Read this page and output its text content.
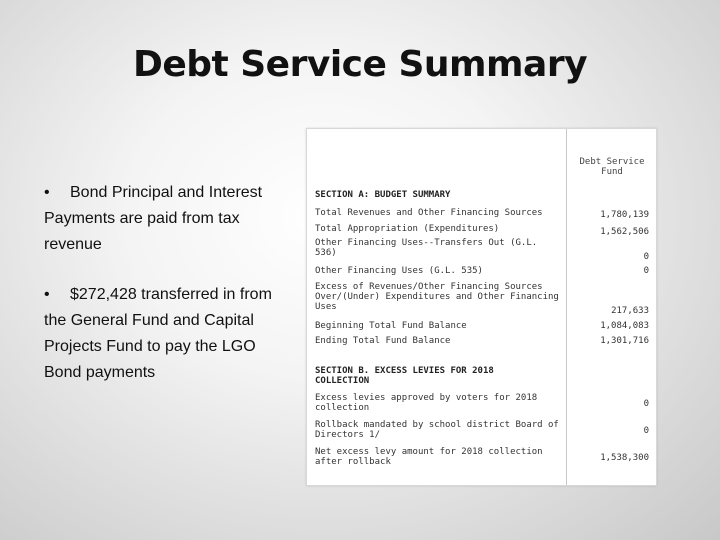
Debt Service Summary
• Bond Principal and Interest Payments are paid from tax revenue
• $272,428 transferred in from the General Fund and Capital Projects Fund to pay the LGO Bond payments
Debt Service
Fund
SECTION A: BUDGET SUMMARY
Total Revenues and Other Financing Sources	1,780,139
Total Appropriation (Expenditures)	1,562,506
Other Financing Uses--Transfers Out (G.L. 536)	0
Other Financing Uses (G.L. 535)	0
Excess of Revenues/Other Financing Sources Over/(Under) Expenditures and Other Financing Uses	217,633
Beginning Total Fund Balance	1,084,083
Ending Total Fund Balance	1,301,716
SECTION B. EXCESS LEVIES FOR 2018 COLLECTION
Excess levies approved by voters for 2018 collection	0
Rollback mandated by school district Board of Directors 1/	0
Net excess levy amount for 2018 collection after rollback	1,538,300
